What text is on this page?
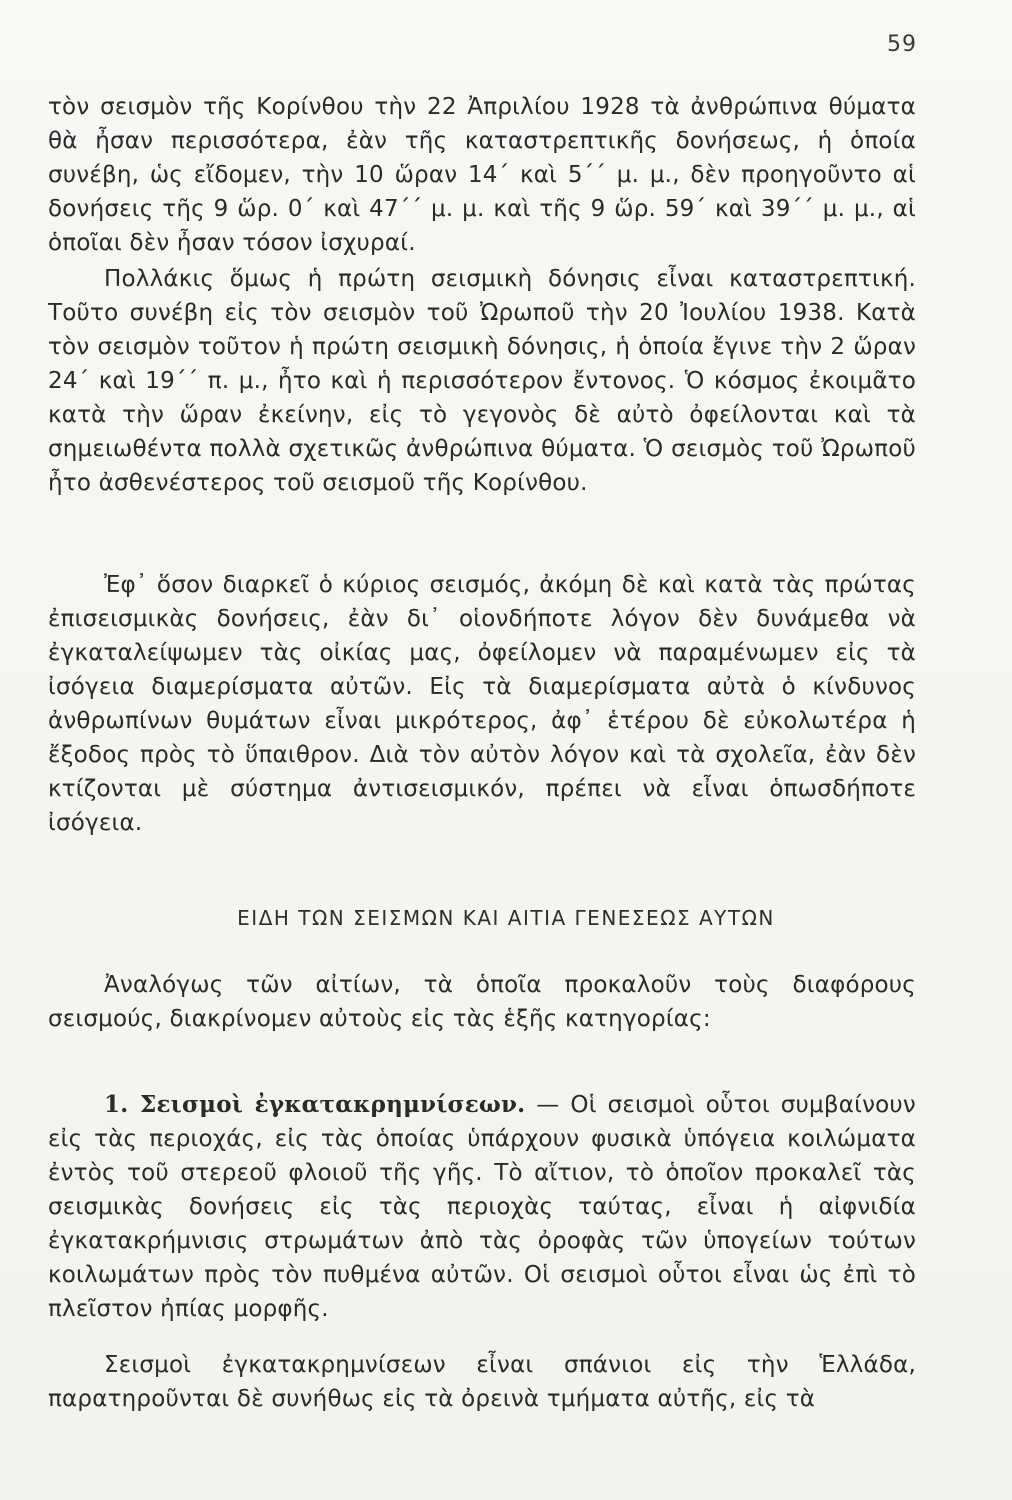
59

τὸν σεισμὸν τῆς Κορίνθου τὴν 22 Ἀπριλίου 1928 τὰ ἀνθρώπινα θύματα θὰ ἦσαν περισσότερα, ἐὰν τῆς καταστρεπτικῆς δονήσεως, ἡ ὁποία συνέβη, ὡς εἴδομεν, τὴν 10 ὥραν 14΄ καὶ 5΄΄ μ. μ., δὲν προηγοῦντο αἱ δονήσεις τῆς 9 ὥρ. 0΄ καὶ 47΄΄ μ. μ. καὶ τῆς 9 ὥρ. 59΄ καὶ 39΄΄ μ. μ., αἱ ὁποῖαι δὲν ἦσαν τόσον ἰσχυραί.

Πολλάκις ὅμως ἡ πρώτη σεισμικὴ δόνησις εἶναι καταστρεπτική. Τοῦτο συνέβη εἰς τὸν σεισμὸν τοῦ Ὠρωποῦ τὴν 20 Ἰουλίου 1938. Κατὰ τὸν σεισμὸν τοῦτον ἡ πρώτη σεισμικὴ δόνησις, ἡ ὁποία ἔγινε τὴν 2 ὥραν 24΄ καὶ 19΄΄ π. μ., ἦτο καὶ ἡ περισσότερον ἔντονος. Ὁ κόσμος ἐκοιμᾶτο κατὰ τὴν ὥραν ἐκείνην, εἰς τὸ γεγονὸς δὲ αὐτὸ ὀφείλονται καὶ τὰ σημειωθέντα πολλὰ σχετικῶς ἀνθρώπινα θύματα. Ὁ σεισμὸς τοῦ Ὠρωποῦ ἦτο ἀσθενέστερος τοῦ σεισμοῦ τῆς Κορίνθου.

Ἐφ᾿ ὅσον διαρκεῖ ὁ κύριος σεισμός, ἀκόμη δὲ καὶ κατὰ τὰς πρώτας ἐπισεισμικὰς δονήσεις, ἐὰν δι᾿ οἱονδήποτε λόγον δὲν δυνάμεθα νὰ ἐγκαταλείψωμεν τὰς οἰκίας μας, ὀφείλομεν νὰ παραμένωμεν εἰς τὰ ἰσόγεια διαμερίσματα αὐτῶν. Εἰς τὰ διαμερίσματα αὐτὰ ὁ κίνδυνος ἀνθρωπίνων θυμάτων εἶναι μικρότερος, ἀφ᾿ ἑτέρου δὲ εὐκολωτέρα ἡ ἔξοδος πρὸς τὸ ὕπαιθρον. Διὰ τὸν αὐτὸν λόγον καὶ τὰ σχολεῖα, ἐὰν δὲν κτίζονται μὲ σύστημα ἀντισεισμικόν, πρέπει νὰ εἶναι ὁπωσδήποτε ἰσόγεια.

ΕΙΔΗ ΤΩΝ ΣΕΙΣΜΩΝ ΚΑΙ ΑΙΤΙΑ ΓΕΝΕΣΕΩΣ ΑΥΤΩΝ

Ἀναλόγως τῶν αἰτίων, τὰ ὁποῖα προκαλοῦν τοὺς διαφόρους σεισμούς, διακρίνομεν αὐτοὺς εἰς τὰς ἑξῆς κατηγορίας:

1. Σεισμοὶ ἐγκατακρημνίσεων. — Οἱ σεισμοὶ οὗτοι συμβαίνουν εἰς τὰς περιοχάς, εἰς τὰς ὁποίας ὑπάρχουν φυσικὰ ὑπόγεια κοιλώματα ἐντὸς τοῦ στερεοῦ φλοιοῦ τῆς γῆς. Τὸ αἴτιον, τὸ ὁποῖον προκαλεῖ τὰς σεισμικὰς δονήσεις εἰς τὰς περιοχὰς ταύτας, εἶναι ἡ αἰφνιδία ἐγκατακρήμνισις στρωμάτων ἀπὸ τὰς ὀροφὰς τῶν ὑπογείων τούτων κοιλωμάτων πρὸς τὸν πυθμένα αὐτῶν. Οἱ σεισμοὶ οὗτοι εἶναι ὡς ἐπὶ τὸ πλεῖστον ἠπίας μορφῆς.

Σεισμοὶ ἐγκατακρημνίσεων εἶναι σπάνιοι εἰς τὴν Ἑλλάδα, παρατηροῦνται δὲ συνήθως εἰς τὰ ὀρεινὰ τμήματα αὐτῆς, εἰς τὰ
